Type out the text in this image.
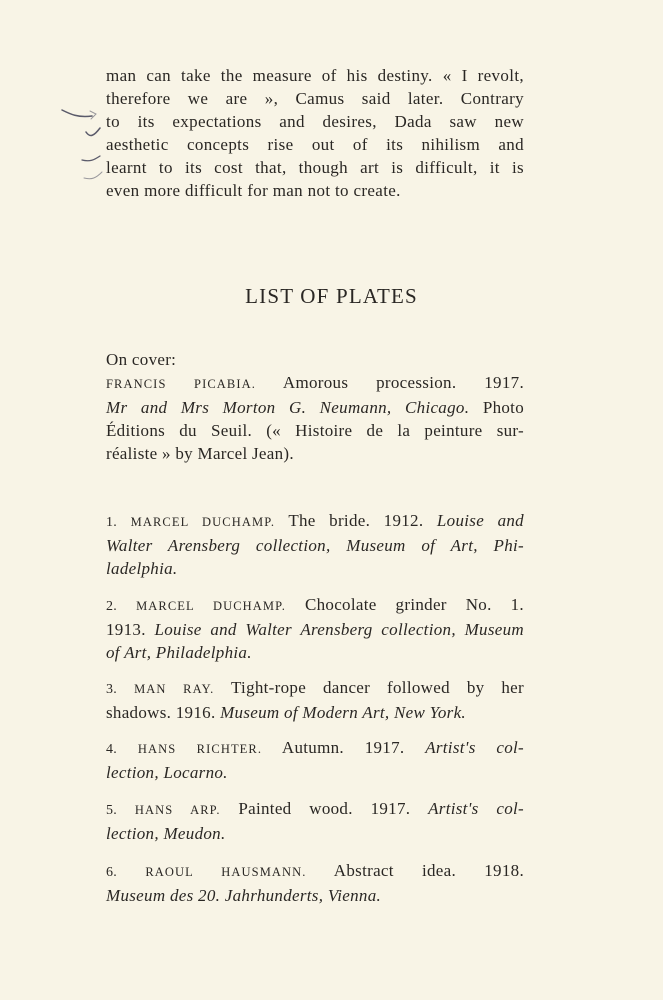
man can take the measure of his destiny. « I revolt,
therefore we are », Camus said later. Contrary
to its expectations and desires, Dada saw new
aesthetic concepts rise out of its nihilism and
learnt to its cost that, though art is difficult, it is
even more difficult for man not to create.
LIST OF PLATES
On cover:
FRANCIS PICABIA. Amorous procession. 1917.
Mr and Mrs Morton G. Neumann, Chicago. Photo
Éditions du Seuil. (« Histoire de la peinture sur-
réaliste » by Marcel Jean).
1. MARCEL DUCHAMP. The bride. 1912. Louise and
Walter Arensberg collection, Museum of Art, Phi-
ladelphia.
2. MARCEL DUCHAMP. Chocolate grinder No. 1.
1913. Louise and Walter Arensberg collection, Museum
of Art, Philadelphia.
3. MAN RAY. Tight-rope dancer followed by her
shadows. 1916. Museum of Modern Art, New York.
4. HANS RICHTER. Autumn. 1917. Artist's col-
lection, Locarno.
5. HANS ARP. Painted wood. 1917. Artist's col-
lection, Meudon.
6. RAOUL HAUSMANN. Abstract idea. 1918.
Museum des 20. Jahrhunderts, Vienna.
